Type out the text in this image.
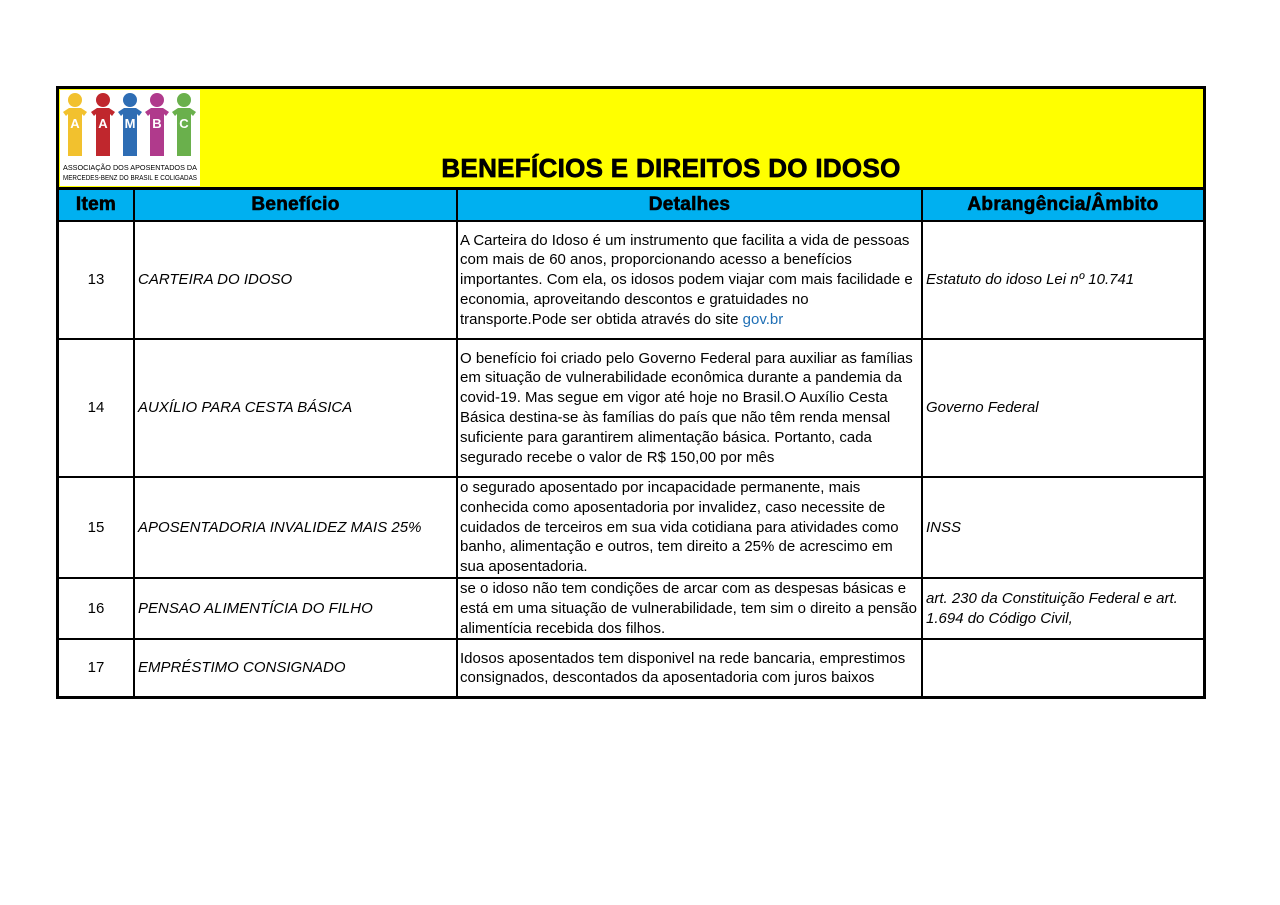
A A M B C
ASSOCIAÇÃO DOS APOSENTADOS DA
MERCEDES-BENZ DO BRASIL E COLIGADAS	BENEFÍCIOS E DIREITOS DO IDOSO
Item	Benefício	Detalhes	Abrangência/Âmbito
13	CARTEIRA DO IDOSO	A Carteira do Idoso é um instrumento que facilita a vida de pessoas com mais de 60 anos, proporcionando acesso a benefícios importantes. Com ela, os idosos podem viajar com mais facilidade e economia, aproveitando descontos e gratuidades no transporte.Pode ser obtida através do site gov.br	Estatuto do idoso Lei nº 10.741
14	AUXÍLIO PARA CESTA BÁSICA	O benefício foi criado pelo Governo Federal para auxiliar as famílias em situação de vulnerabilidade econômica durante a pandemia da covid-19. Mas segue em vigor até hoje no Brasil.O Auxílio Cesta Básica destina-se às famílias do país que não têm renda mensal suficiente para garantirem alimentação básica. Portanto, cada segurado recebe o valor de R$ 150,00 por mês	Governo Federal
15	APOSENTADORIA INVALIDEZ MAIS 25%	o segurado aposentado por incapacidade permanente, mais conhecida como aposentadoria por invalidez, caso necessite de cuidados de terceiros em sua vida cotidiana para atividades como banho, alimentação e outros, tem direito a 25% de acrescimo em sua aposentadoria.	INSS
16	PENSAO ALIMENTÍCIA DO FILHO	se o idoso não tem condições de arcar com as despesas básicas e está em uma situação de vulnerabilidade, tem sim o direito a pensão alimentícia recebida dos filhos.	art. 230 da Constituição Federal e art. 1.694 do Código Civil,
17	EMPRÉSTIMO CONSIGNADO	Idosos aposentados tem disponivel na rede bancaria, emprestimos consignados, descontados da aposentadoria com juros baixos	
